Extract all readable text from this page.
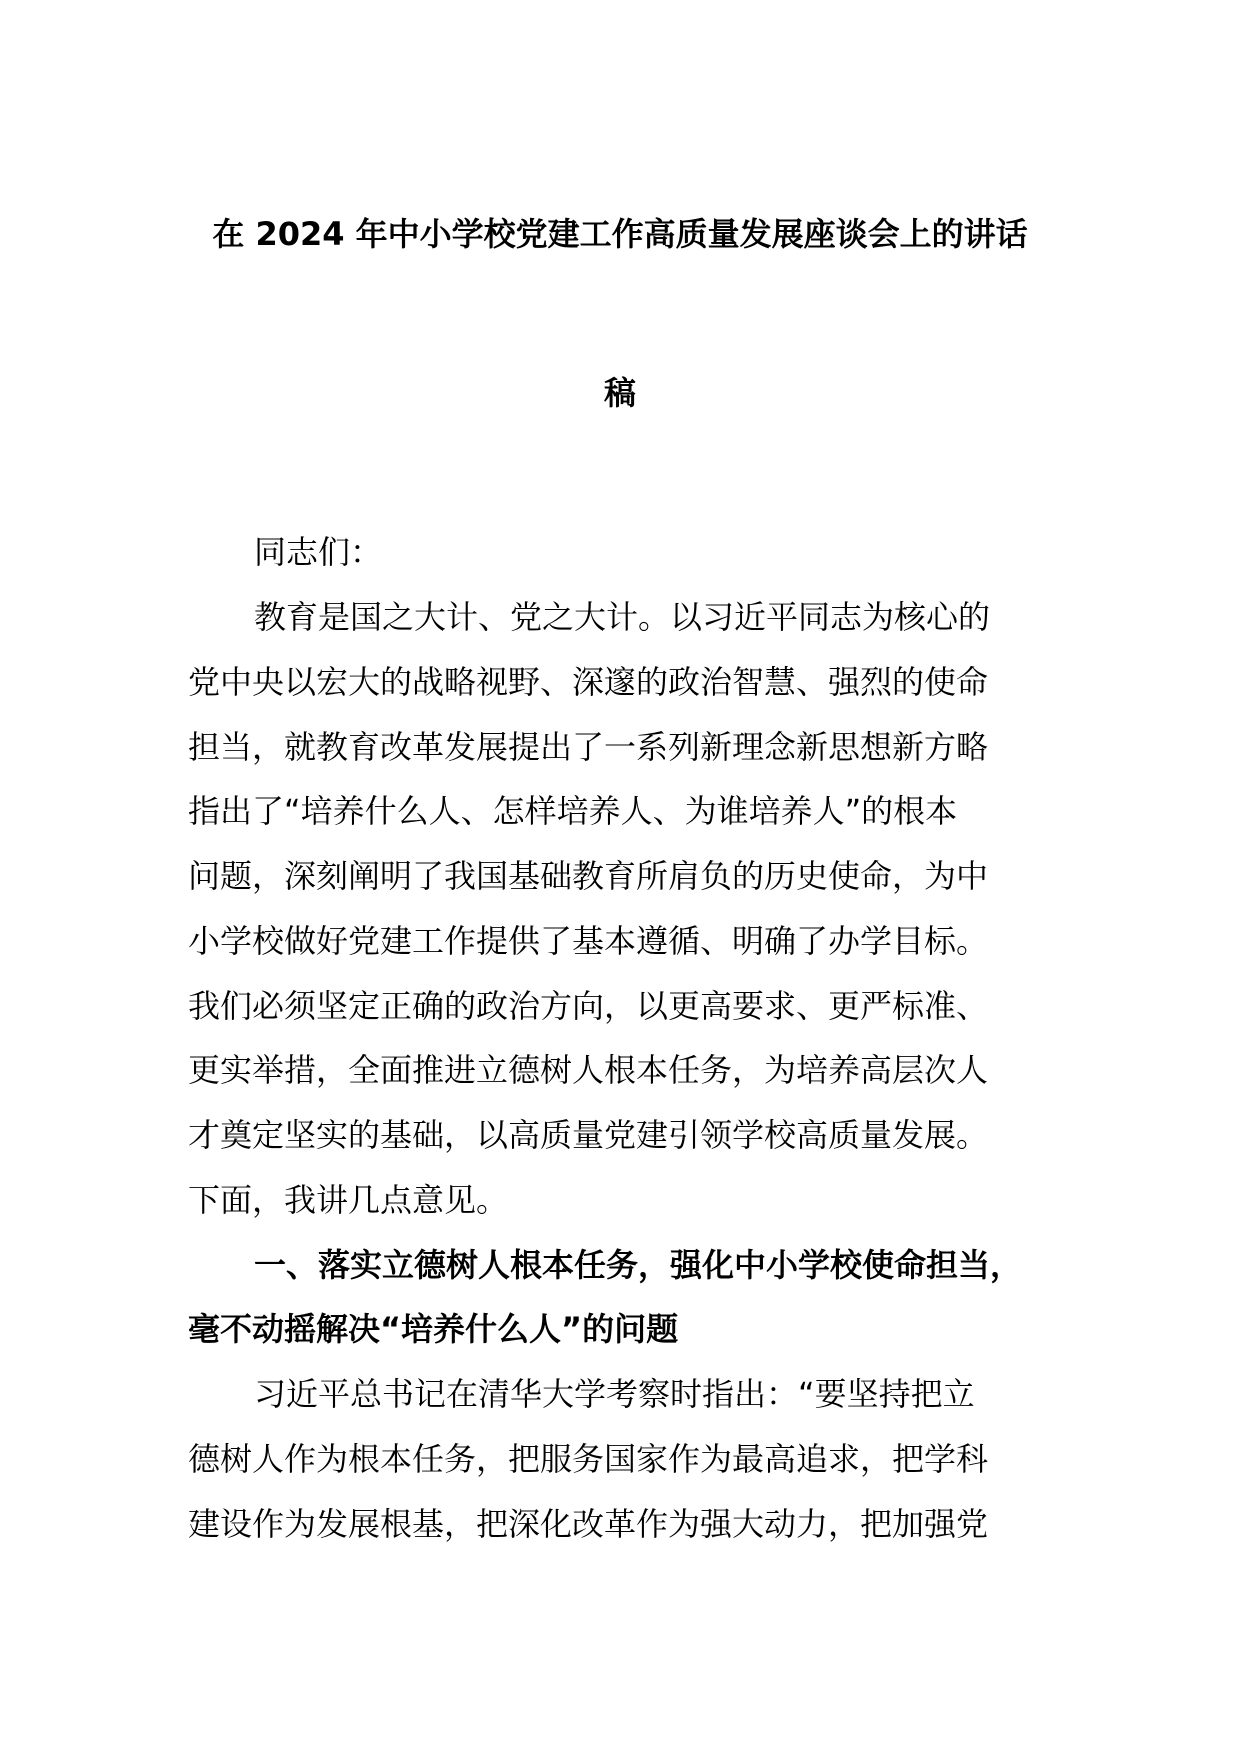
在 2024 年中小学校党建工作高质量发展座谈会上的讲话
稿
同志们：
教育是国之大计、党之大计。以习近平同志为核心的
党中央以宏大的战略视野、深邃的政治智慧、强烈的使命
担当，就教育改革发展提出了一系列新理念新思想新方略
指出了“培养什么人、怎样培养人、为谁培养人”的根本
问题，深刻阐明了我国基础教育所肩负的历史使命，为中
小学校做好党建工作提供了基本遵循、明确了办学目标。
我们必须坚定正确的政治方向，以更高要求、更严标准、
更实举措，全面推进立德树人根本任务，为培养高层次人
才奠定坚实的基础，以高质量党建引领学校高质量发展。
下面，我讲几点意见。
一、落实立德树人根本任务，强化中小学校使命担当，
毫不动摇解决“培养什么人”的问题
习近平总书记在清华大学考察时指出：“要坚持把立
德树人作为根本任务，把服务国家作为最高追求，把学科
建设作为发展根基，把深化改革作为强大动力，把加强党
